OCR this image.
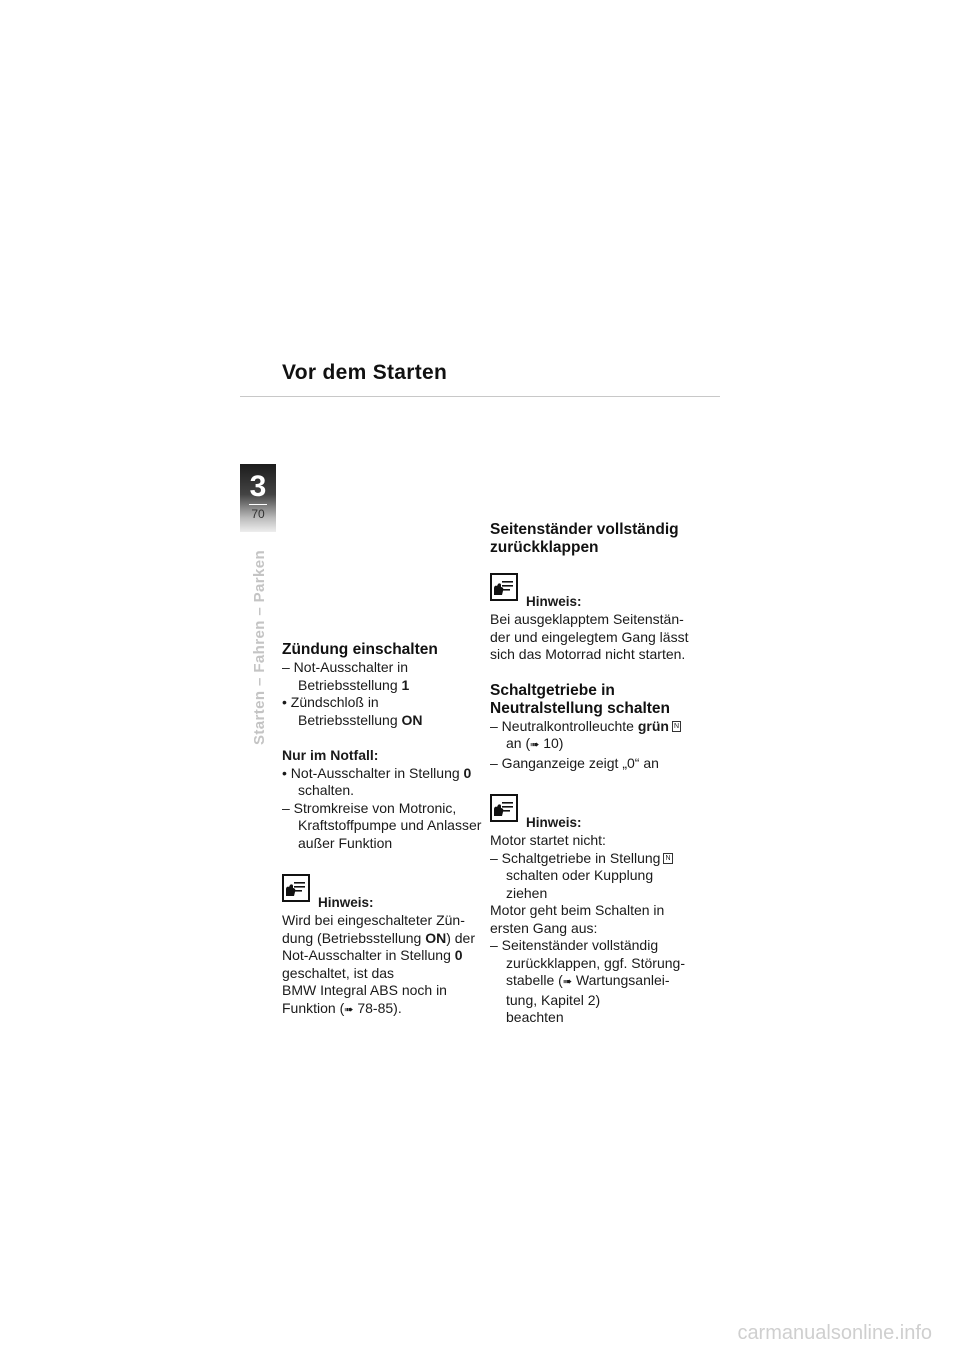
Vor dem Starten
3
70
Starten – Fahren – Parken Zündung einschalten
– Not-Ausschalter in
Betriebsstellung 1
• Zündschloß in
Betriebsstellung ON
Nur im Notfall:
• Not-Ausschalter in Stellung 0
schalten.
– Stromkreise von Motronic,
Kraftstoffpumpe und Anlasser
außer Funktion
Hinweis:
Wird bei eingeschalteter Zün-
dung (Betriebsstellung ON) der
Not-Ausschalter in Stellung 0
geschaltet, ist das
BMW Integral ABS noch in
Funktion (➠ 78-85).
Seitenständer vollständig
zurückklappen
Hinweis:
Bei ausgeklapptem Seitenstän-
der und eingelegtem Gang lässt
sich das Motorrad nicht starten.
Schaltgetriebe in
Neutralstellung schalten
– Neutralkontrolleuchte grün N
an (➠ 10)
– Ganganzeige zeigt „0“ an
Hinweis:
Motor startet nicht:
– Schaltgetriebe in Stellung N
schalten oder Kupplung
ziehen
Motor geht beim Schalten in
ersten Gang aus:
– Seitenständer vollständig
zurückklappen, ggf. Störung-
stabelle (➠ Wartungsanlei-
tung, Kapitel 2)
beachten
carmanualsonline.info
